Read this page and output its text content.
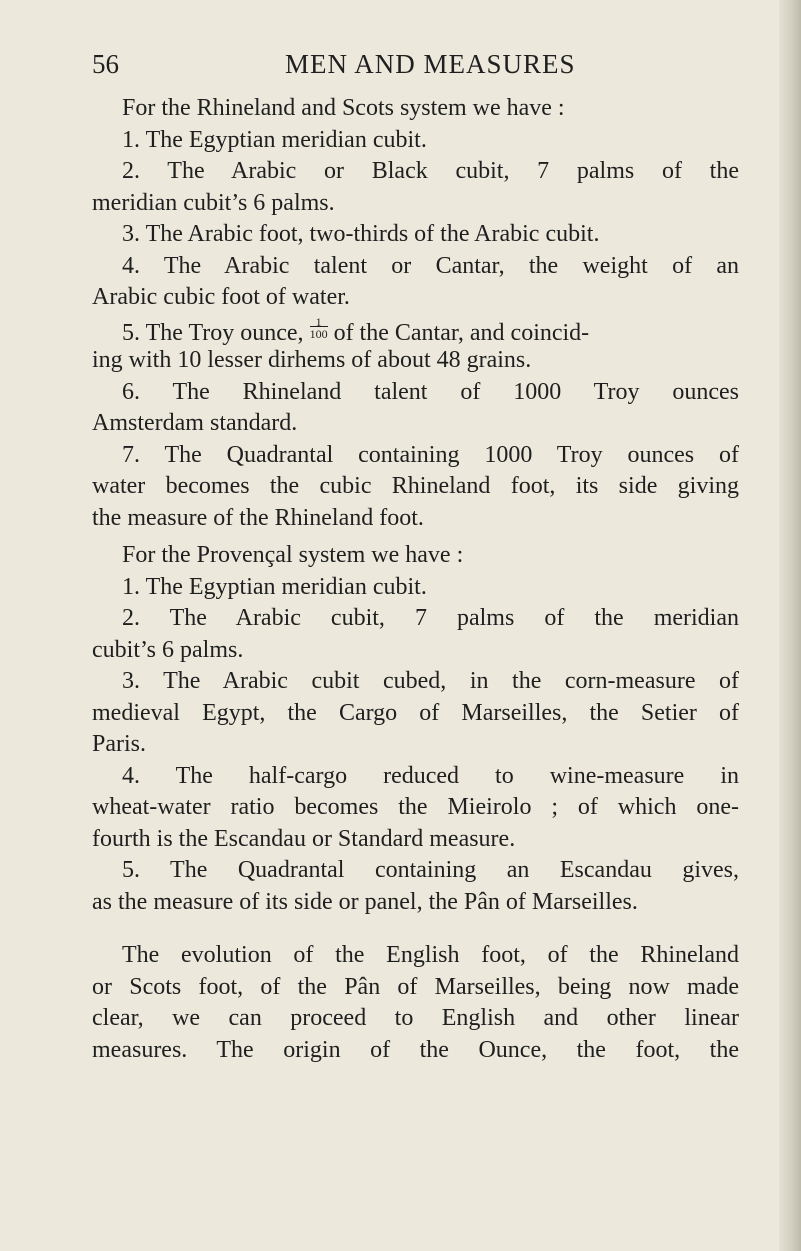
56	MEN AND MEASURES
For the Rhineland and Scots system we have :
1. The Egyptian meridian cubit.
2. The Arabic or Black cubit, 7 palms of the
meridian cubit’s 6 palms.
3. The Arabic foot, two-thirds of the Arabic cubit.
4. The Arabic talent or Cantar, the weight of an
Arabic cubic foot of water.
5. The Troy ounce, $\frac{1}{100}$ of the Cantar, and coincid-
ing with 10 lesser dirhems of about 48 grains.
6. The Rhineland talent of 1000 Troy ounces
Amsterdam standard.
7. The Quadrantal containing 1000 Troy ounces of
water becomes the cubic Rhineland foot, its side giving
the measure of the Rhineland foot.
For the Provençal system we have :
1. The Egyptian meridian cubit.
2. The Arabic cubit, 7 palms of the meridian
cubit’s 6 palms.
3. The Arabic cubit cubed, in the corn-measure of
medieval Egypt, the Cargo of Marseilles, the Setier of
Paris.
4. The half-cargo reduced to wine-measure in
wheat-water ratio becomes the Mieirolo ; of which one-
fourth is the Escandau or Standard measure.
5. The Quadrantal containing an Escandau gives,
as the measure of its side or panel, the Pân of Marseilles.
The evolution of the English foot, of the Rhineland
or Scots foot, of the Pân of Marseilles, being now made
clear, we can proceed to English and other linear
measures. The origin of the Ounce, the foot, the
